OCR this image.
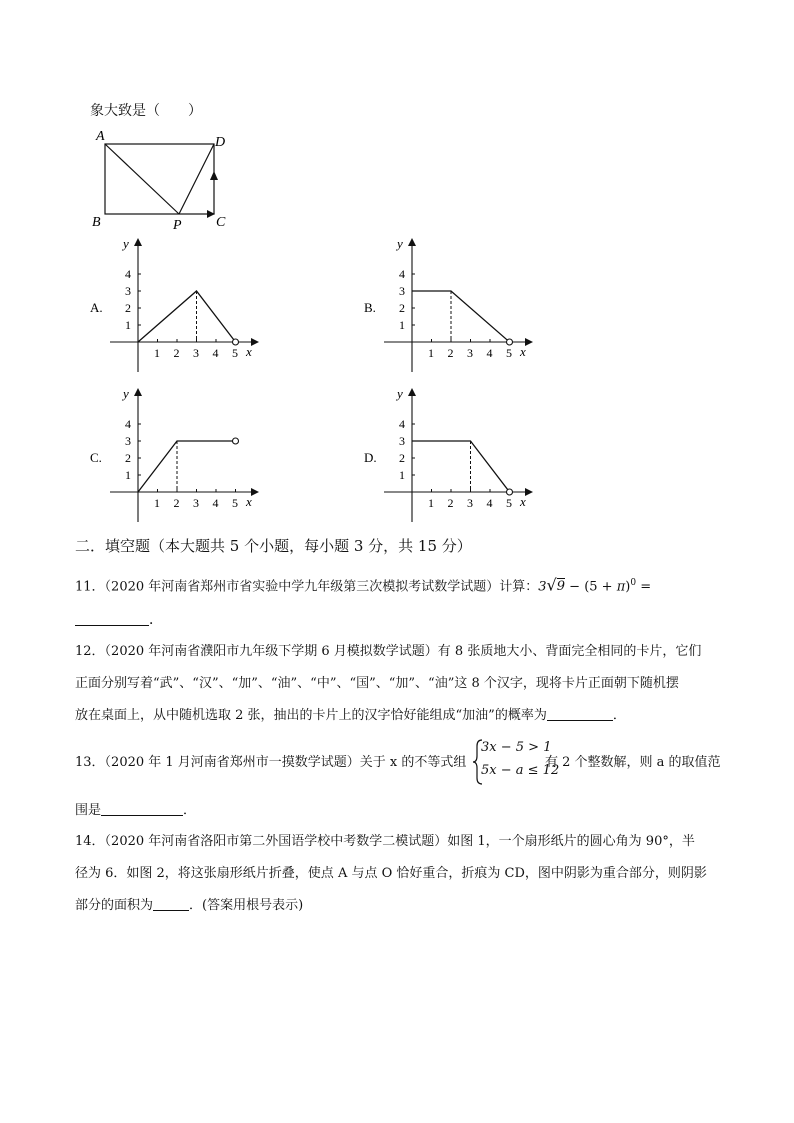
象大致是（　　）
A
B	C
D
P
A.
x
y
1 2 3 4 5
1
2
3
4
B.
x
y
1 2 3 4 5
1
2
3
4
C.
x
y
1 2 3 4 5
1
2
3
4
D.
x
y
1 2 3 4 5
1
2
3
4
二．填空题（本大题共 5 个小题，每小题 3 分，共 15 分）
11．（2020 年河南省郑州市省实验中学九年级第三次模拟考试数学试题）计算：$3√9 - (5 + \pi)^0$ =
．
12．（2020 年河南省濮阳市九年级下学期 6 月模拟数学试题）有 8 张质地大小、背面完全相同的卡片，它们
正面分别写着“武”、“汉”、“加”、“油”、“中”、“国”、“加”、“油”这 8 个汉字，现将卡片正面朝下随机摆
放在桌面上，从中随机选取 2 张，抽出的卡片上的汉字恰好能组成“加油”的概率为	．
13．（2020 年 1 月河南省郑州市一摸数学试题）关于 x 的不等式组
3x − 5 > 1
5x − a ≤ 12
有 2 个整数解，则 a 的取值范
围是	．
14．（2020 年河南省洛阳市第二外国语学校中考数学二模试题）如图 1，一个扇形纸片的圆心角为 90°，半
径为 6．如图 2，将这张扇形纸片折叠，使点 A 与点 O 恰好重合，折痕为 CD，图中阴影为重合部分，则阴影
部分的面积为	．(答案用根号表示)
